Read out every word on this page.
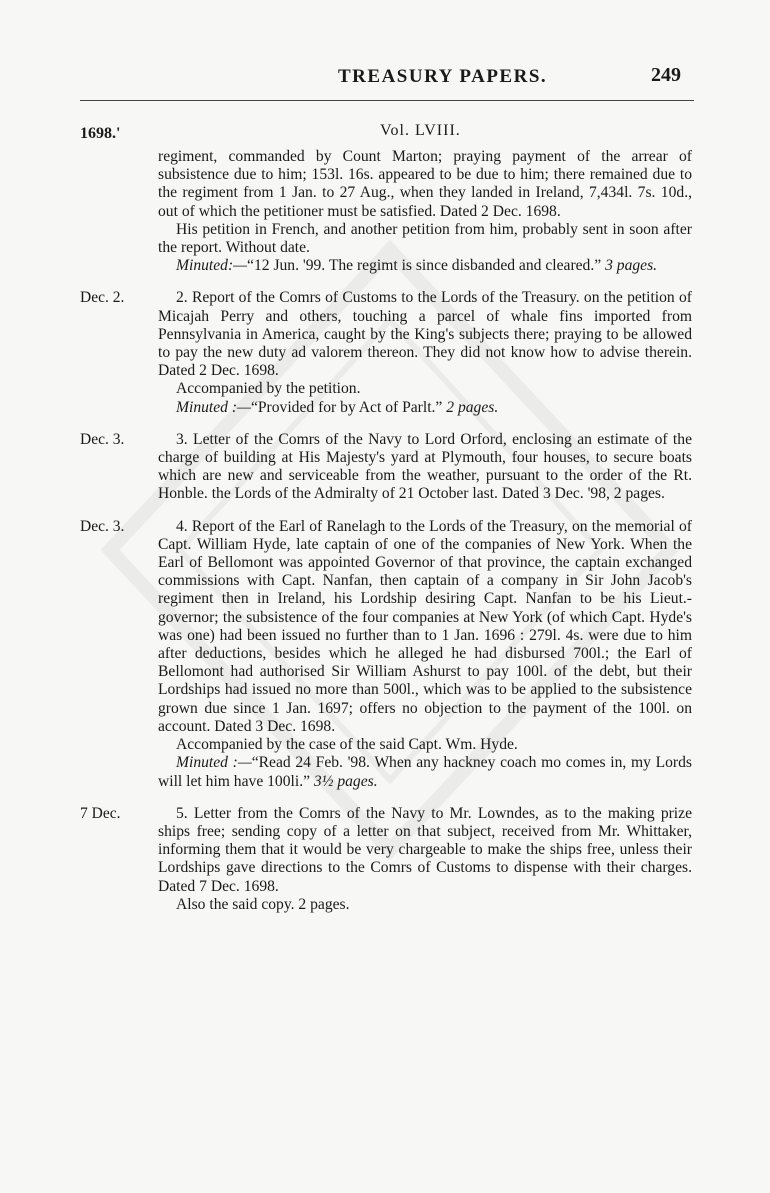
TREASURY PAPERS.	249
1698.'	Vol. LVIII.

regiment, commanded by Count Marton; praying payment of the arrear of subsistence due to him; 153l. 16s. appeared to be due to him; there remained due to the regiment from 1 Jan. to 27 Aug., when they landed in Ireland, 7,434l. 7s. 10d., out of which the petitioner must be satisfied. Dated 2 Dec. 1698.

His petition in French, and another petition from him, probably sent in soon after the report. Without date.

Minuted:—“12 Jun. '99. The regimt is since disbanded and cleared.” 3 pages.

Dec. 2.	2. Report of the Comrs of Customs to the Lords of the Treasury. on the petition of Micajah Perry and others, touching a parcel of whale fins imported from Pennsylvania in America, caught by the King's subjects there; praying to be allowed to pay the new duty ad valorem thereon. They did not know how to advise therein. Dated 2 Dec. 1698.

Accompanied by the petition.

Minuted :—“Provided for by Act of Parlt.” 2 pages.

Dec. 3.	3. Letter of the Comrs of the Navy to Lord Orford, enclosing an estimate of the charge of building at His Majesty's yard at Plymouth, four houses, to secure boats which are new and serviceable from the weather, pursuant to the order of the Rt. Honble. the Lords of the Admiralty of 21 October last. Dated 3 Dec. '98, 2 pages.

Dec. 3.	4. Report of the Earl of Ranelagh to the Lords of the Treasury, on the memorial of Capt. William Hyde, late captain of one of the companies of New York. When the Earl of Bellomont was appointed Governor of that province, the captain exchanged commissions with Capt. Nanfan, then captain of a company in Sir John Jacob's regiment then in Ireland, his Lordship desiring Capt. Nanfan to be his Lieut.-governor; the subsistence of the four companies at New York (of which Capt. Hyde's was one) had been issued no further than to 1 Jan. 1696 : 279l. 4s. were due to him after deductions, besides which he alleged he had disbursed 700l.; the Earl of Bellomont had authorised Sir William Ashurst to pay 100l. of the debt, but their Lordships had issued no more than 500l., which was to be applied to the subsistence grown due since 1 Jan. 1697; offers no objection to the payment of the 100l. on account. Dated 3 Dec. 1698.

Accompanied by the case of the said Capt. Wm. Hyde.

Minuted :—“Read 24 Feb. '98. When any hackney coach mo comes in, my Lords will let him have 100li.” 3½ pages.

7 Dec.	5. Letter from the Comrs of the Navy to Mr. Lowndes, as to the making prize ships free; sending copy of a letter on that subject, received from Mr. Whittaker, informing them that it would be very chargeable to make the ships free, unless their Lordships gave directions to the Comrs of Customs to dispense with their charges. Dated 7 Dec. 1698.

Also the said copy. 2 pages.
